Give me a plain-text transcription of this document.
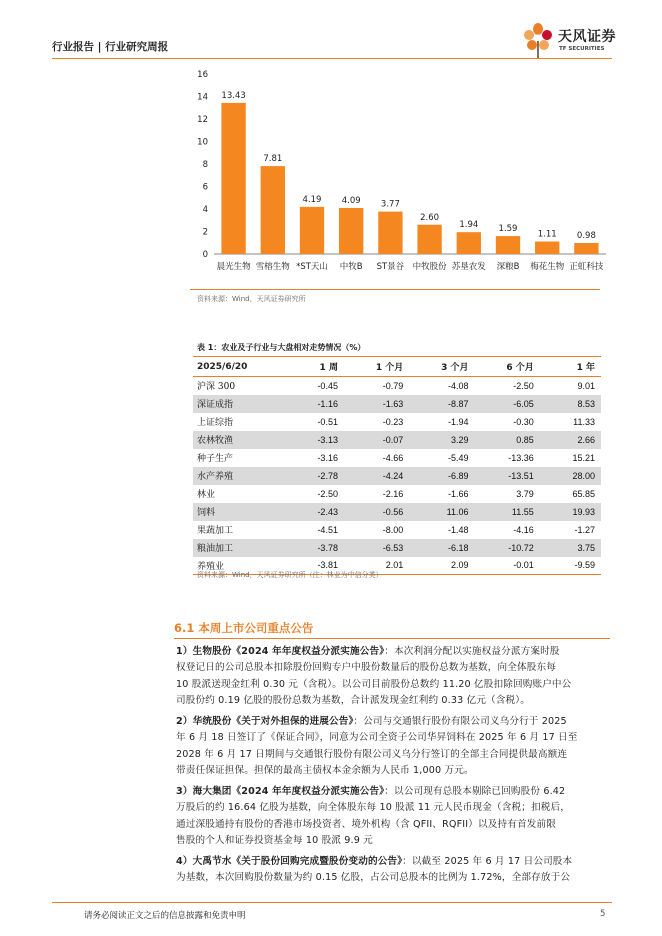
行业报告 | 行业研究周报
天风证券
TF SECURITIES
0
2
4
6
8
10
12
14
16
13.43
晨光生物
7.81
雪榕生物
4.19
*ST天山
4.09
中牧B
3.77
ST景谷
2.60
中牧股份
1.94
苏垦农发
1.59
深粮B
1.11
梅花生物
0.98
正虹科技
资料来源：Wind，天风证券研究所
表 1：农业及子行业与大盘相对走势情况（%）
2025/6/20	1 周	1 个月	3 个月	6 个月	1 年
沪深 300	-0.45	-0.79	-4.08	-2.50	9.01
深证成指	-1.16	-1.63	-8.87	-6.05	8.53
上证综指	-0.51	-0.23	-1.94	-0.30	11.33
农林牧渔	-3.13	-0.07	3.29	0.85	2.66
种子生产	-3.16	-4.66	-5.49	-13.36	15.21
水产养殖	-2.78	-4.24	-6.89	-13.51	28.00
林业	-2.50	-2.16	-1.66	3.79	65.85
饲料	-2.43	-0.56	11.06	11.55	19.93
果蔬加工	-4.51	-8.00	-1.48	-4.16	-1.27
粮油加工	-3.78	-6.53	-6.18	-10.72	3.75
养殖业	-3.81	2.01	2.09	-0.01	-9.59
资料来源：Wind，天风证券研究所（注：林业为中信分类）
6.1 本周上市公司重点公告
1）生物股份《2024 年年度权益分派实施公告》：本次利润分配以实施权益分派方案时股
权登记日的公司总股本扣除股份回购专户中股份数量后的股份总数为基数，向全体股东每
10 股派送现金红利 0.30 元（含税）。以公司目前股份总数约 11.20 亿股扣除回购账户中公
司股份约 0.19 亿股的股份总数为基数，合计派发现金红利约 0.33 亿元（含税）。
2）华统股份《关于对外担保的进展公告》：公司与交通银行股份有限公司义乌分行于 2025
年 6 月 18 日签订了《保证合同》，同意为公司全资子公司华昇饲料在 2025 年 6 月 17 日至
2028 年 6 月 17 日期间与交通银行股份有限公司义乌分行签订的全部主合同提供最高额连
带责任保证担保。担保的最高主债权本金余额为人民币 1,000 万元。
3）海大集团《2024 年年度权益分派实施公告》：以公司现有总股本剔除已回购股份 6.42
万股后的约 16.64 亿股为基数，向全体股东每 10 股派 11 元人民币现金（含税；扣税后，
通过深股通持有股份的香港市场投资者、境外机构（含 QFII、RQFII）以及持有首发前限
售股的个人和证券投资基金每 10 股派 9.9 元
4）大禹节水《关于股份回购完成暨股份变动的公告》：以截至 2025 年 6 月 17 日公司股本
为基数，本次回购股份数量为约 0.15 亿股，占公司总股本的比例为 1.72%，全部存放于公
请务必阅读正文之后的信息披露和免责申明	5
